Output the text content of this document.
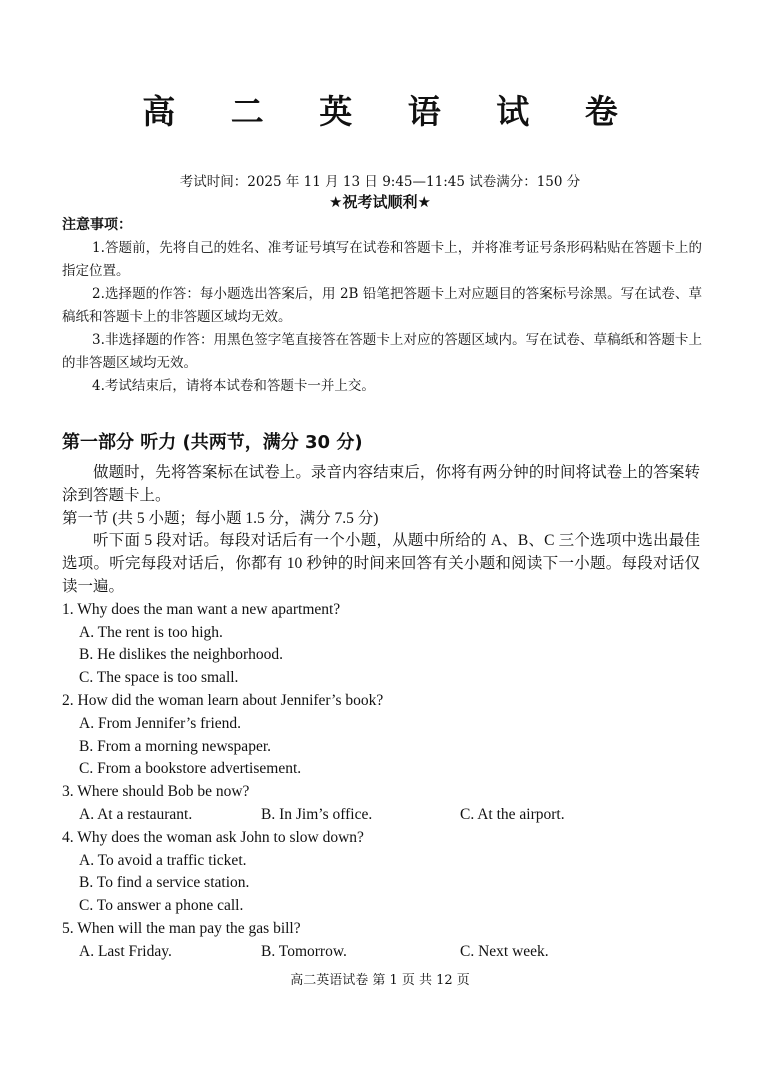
高 二 英 语 试 卷
考试时间：2025 年 11 月 13 日 9:45—11:45 试卷满分：150 分
★祝考试顺利★
注意事项：
1.答题前，先将自己的姓名、准考证号填写在试卷和答题卡上，并将准考证号条形码粘贴在答题卡上的指定位置。
2.选择题的作答：每小题选出答案后，用 2B 铅笔把答题卡上对应题目的答案标号涂黑。写在试卷、草稿纸和答题卡上的非答题区域均无效。
3.非选择题的作答：用黑色签字笔直接答在答题卡上对应的答题区域内。写在试卷、草稿纸和答题卡上的非答题区域均无效。
4.考试结束后，请将本试卷和答题卡一并上交。
第一部分 听力 (共两节，满分 30 分)

做题时，先将答案标在试卷上。录音内容结束后，你将有两分钟的时间将试卷上的答案转涂到答题卡上。

第一节 (共 5 小题；每小题 1.5 分，满分 7.5 分)

听下面 5 段对话。每段对话后有一个小题，从题中所给的 A、B、C 三个选项中选出最佳选项。听完每段对话后，你都有 10 秒钟的时间来回答有关小题和阅读下一小题。每段对话仅读一遍。

1. Why does the man want a new apartment?

A. The rent is too high.

B. He dislikes the neighborhood.

C. The space is too small.

2. How did the woman learn about Jennifer’s book?

A. From Jennifer’s friend.

B. From a morning newspaper.

C. From a bookstore advertisement.

3. Where should Bob be now?

A. At a restaurant.	B. In Jim’s office.	C. At the airport.

4. Why does the woman ask John to slow down?

A. To avoid a traffic ticket.

B. To find a service station.

C. To answer a phone call.

5. When will the man pay the gas bill?

A. Last Friday.	B. Tomorrow.	C. Next week.
高二英语试卷 第 1 页 共 12 页
